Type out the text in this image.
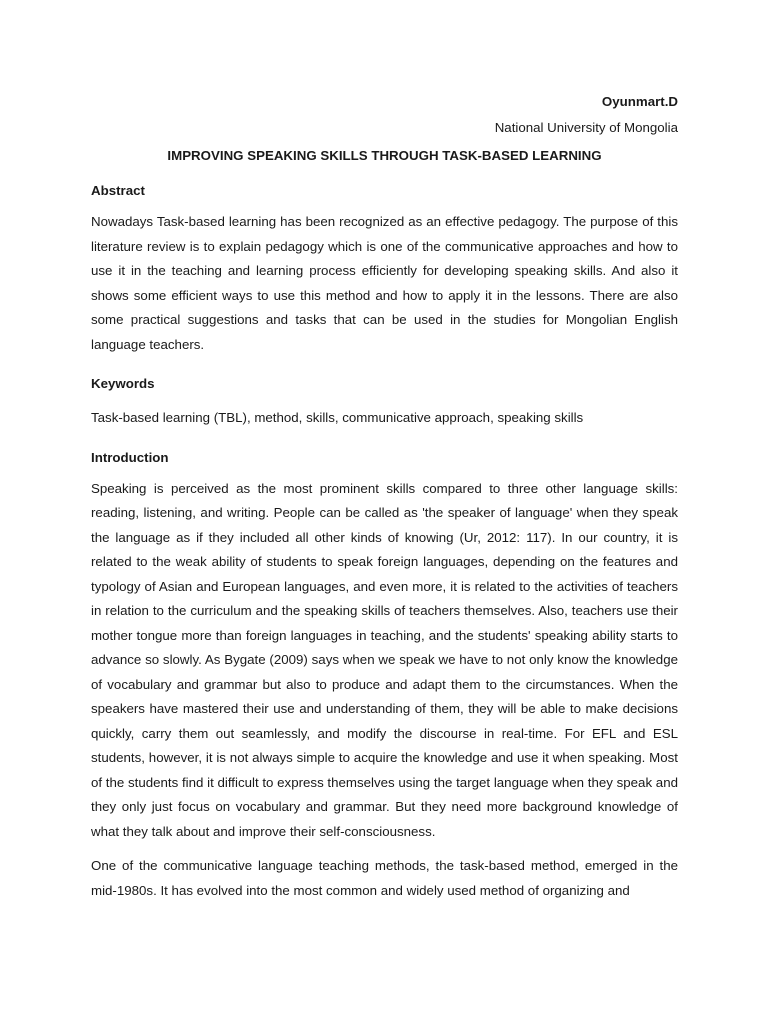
Oyunmart.D

National University of Mongolia

IMPROVING SPEAKING SKILLS THROUGH TASK-BASED LEARNING

Abstract

Nowadays Task-based learning has been recognized as an effective pedagogy. The purpose of this literature review is to explain pedagogy which is one of the communicative approaches and how to use it in the teaching and learning process efficiently for developing speaking skills. And also it shows some efficient ways to use this method and how to apply it in the lessons. There are also some practical suggestions and tasks that can be used in the studies for Mongolian English language teachers.

Keywords

Task-based learning (TBL), method, skills, communicative approach, speaking skills

Introduction

Speaking is perceived as the most prominent skills compared to three other language skills: reading, listening, and writing. People can be called as 'the speaker of language' when they speak the language as if they included all other kinds of knowing (Ur, 2012: 117). In our country, it is related to the weak ability of students to speak foreign languages, depending on the features and typology of Asian and European languages, and even more, it is related to the activities of teachers in relation to the curriculum and the speaking skills of teachers themselves. Also, teachers use their mother tongue more than foreign languages in teaching, and the students' speaking ability starts to advance so slowly. As Bygate (2009) says when we speak we have to not only know the knowledge of vocabulary and grammar but also to produce and adapt them to the circumstances. When the speakers have mastered their use and understanding of them, they will be able to make decisions quickly, carry them out seamlessly, and modify the discourse in real-time. For EFL and ESL students, however, it is not always simple to acquire the knowledge and use it when speaking. Most of the students find it difficult to express themselves using the target language when they speak and they only just focus on vocabulary and grammar. But they need more background knowledge of what they talk about and improve their self-consciousness.

One of the communicative language teaching methods, the task-based method, emerged in the mid-1980s. It has evolved into the most common and widely used method of organizing and
